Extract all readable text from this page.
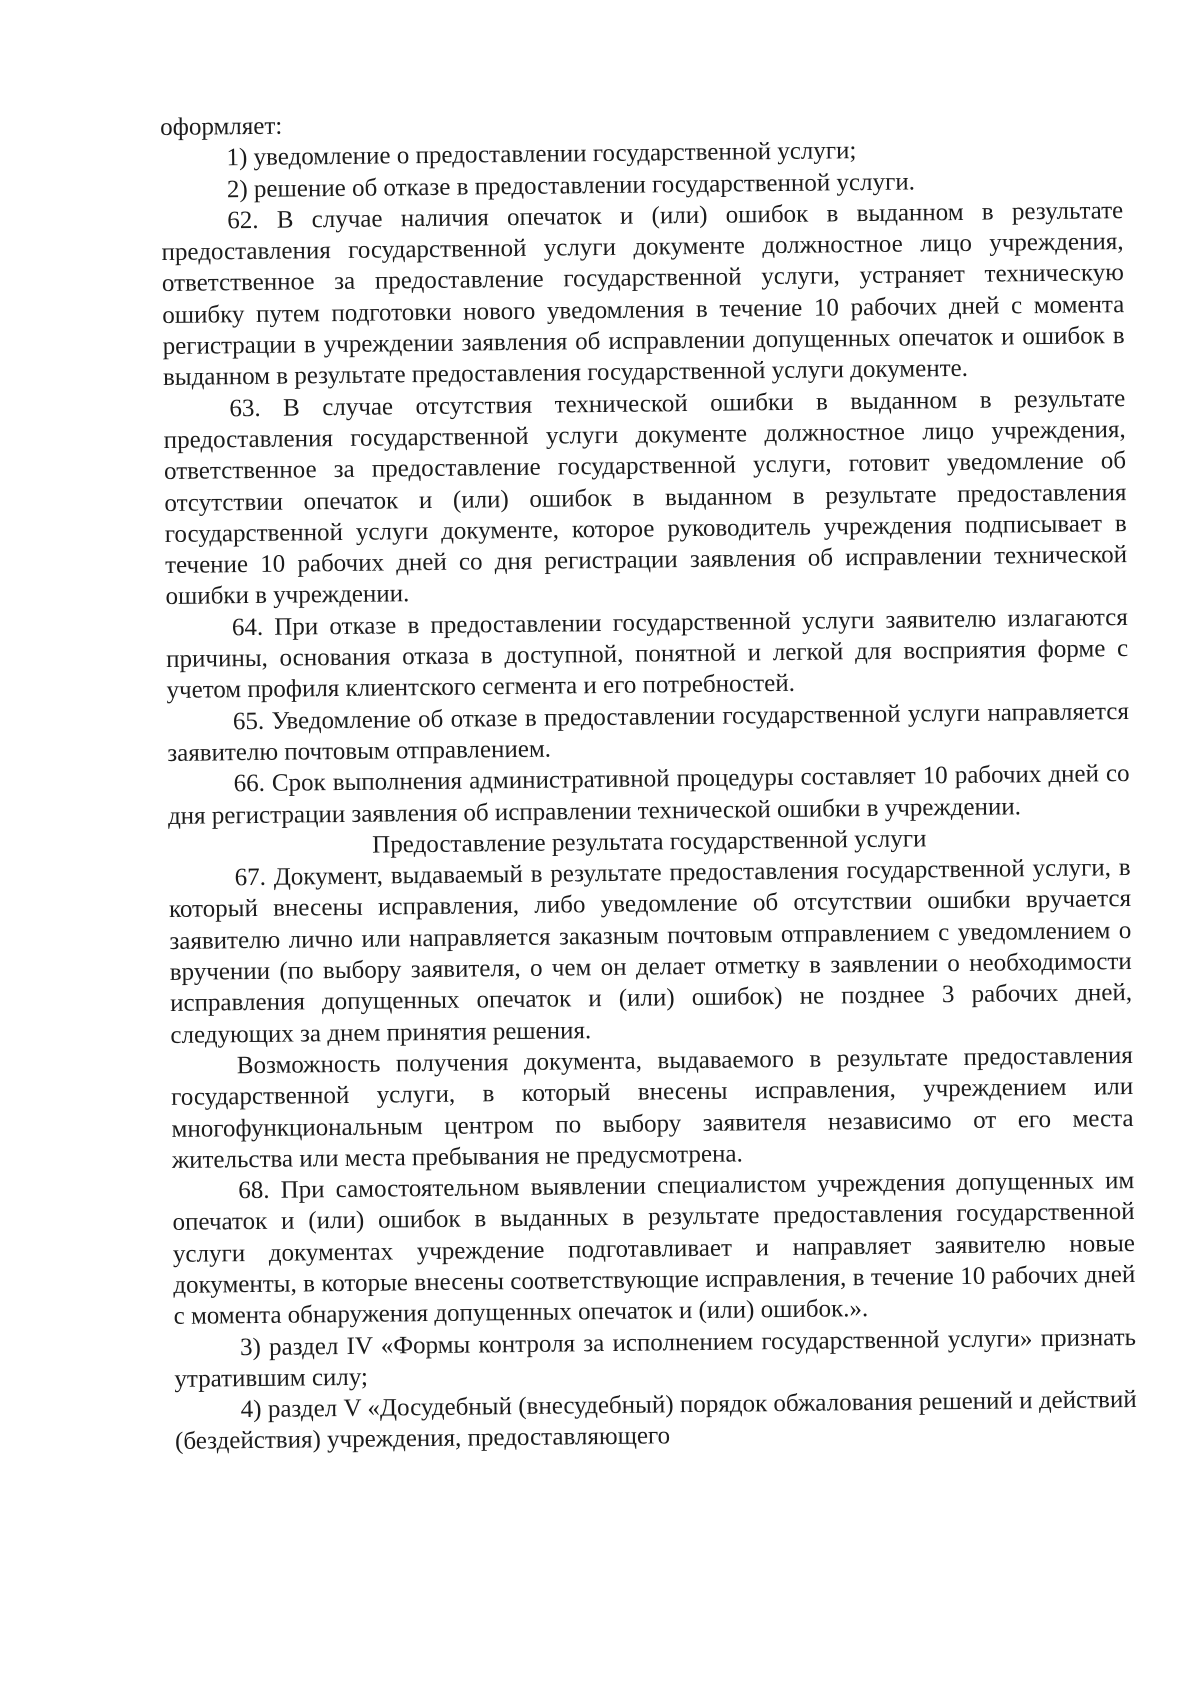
оформляет:

1) уведомление о предоставлении государственной услуги;

2) решение об отказе в предоставлении государственной услуги.

62. В случае наличия опечаток и (или) ошибок в выданном в результате предоставления государственной услуги документе должностное лицо учреждения, ответственное за предоставление государственной услуги, устраняет техническую ошибку путем подготовки нового уведомления в течение 10 рабочих дней с момента регистрации в учреждении заявления об исправлении допущенных опечаток и ошибок в выданном в результате предоставления государственной услуги документе.

63. В случае отсутствия технической ошибки в выданном в результате предоставления государственной услуги документе должностное лицо учреждения, ответственное за предоставление государственной услуги, готовит уведомление об отсутствии опечаток и (или) ошибок в выданном в результате предоставления государственной услуги документе, которое руководитель учреждения подписывает в течение 10 рабочих дней со дня регистрации заявления об исправлении технической ошибки в учреждении.

64. При отказе в предоставлении государственной услуги заявителю излагаются причины, основания отказа в доступной, понятной и легкой для восприятия форме с учетом профиля клиентского сегмента и его потребностей.

65. Уведомление об отказе в предоставлении государственной услуги направляется заявителю почтовым отправлением.

66. Срок выполнения административной процедуры составляет 10 рабочих дней со дня регистрации заявления об исправлении технической ошибки в учреждении.

Предоставление результата государственной услуги

67. Документ, выдаваемый в результате предоставления государственной услуги, в который внесены исправления, либо уведомление об отсутствии ошибки вручается заявителю лично или направляется заказным почтовым отправлением с уведомлением о вручении (по выбору заявителя, о чем он делает отметку в заявлении о необходимости исправления допущенных опечаток и (или) ошибок) не позднее 3 рабочих дней, следующих за днем принятия решения.

Возможность получения документа, выдаваемого в результате предоставления государственной услуги, в который внесены исправления, учреждением или многофункциональным центром по выбору заявителя независимо от его места жительства или места пребывания не предусмотрена.

68. При самостоятельном выявлении специалистом учреждения допущенных им опечаток и (или) ошибок в выданных в результате предоставления государственной услуги документах учреждение подготавливает и направляет заявителю новые документы, в которые внесены соответствующие исправления, в течение 10 рабочих дней с момента обнаружения допущенных опечаток и (или) ошибок.».

3) раздел IV «Формы контроля за исполнением государственной услуги» признать утратившим силу;

4) раздел V «Досудебный (внесудебный) порядок обжалования решений и действий (бездействия) учреждения, предоставляющего
